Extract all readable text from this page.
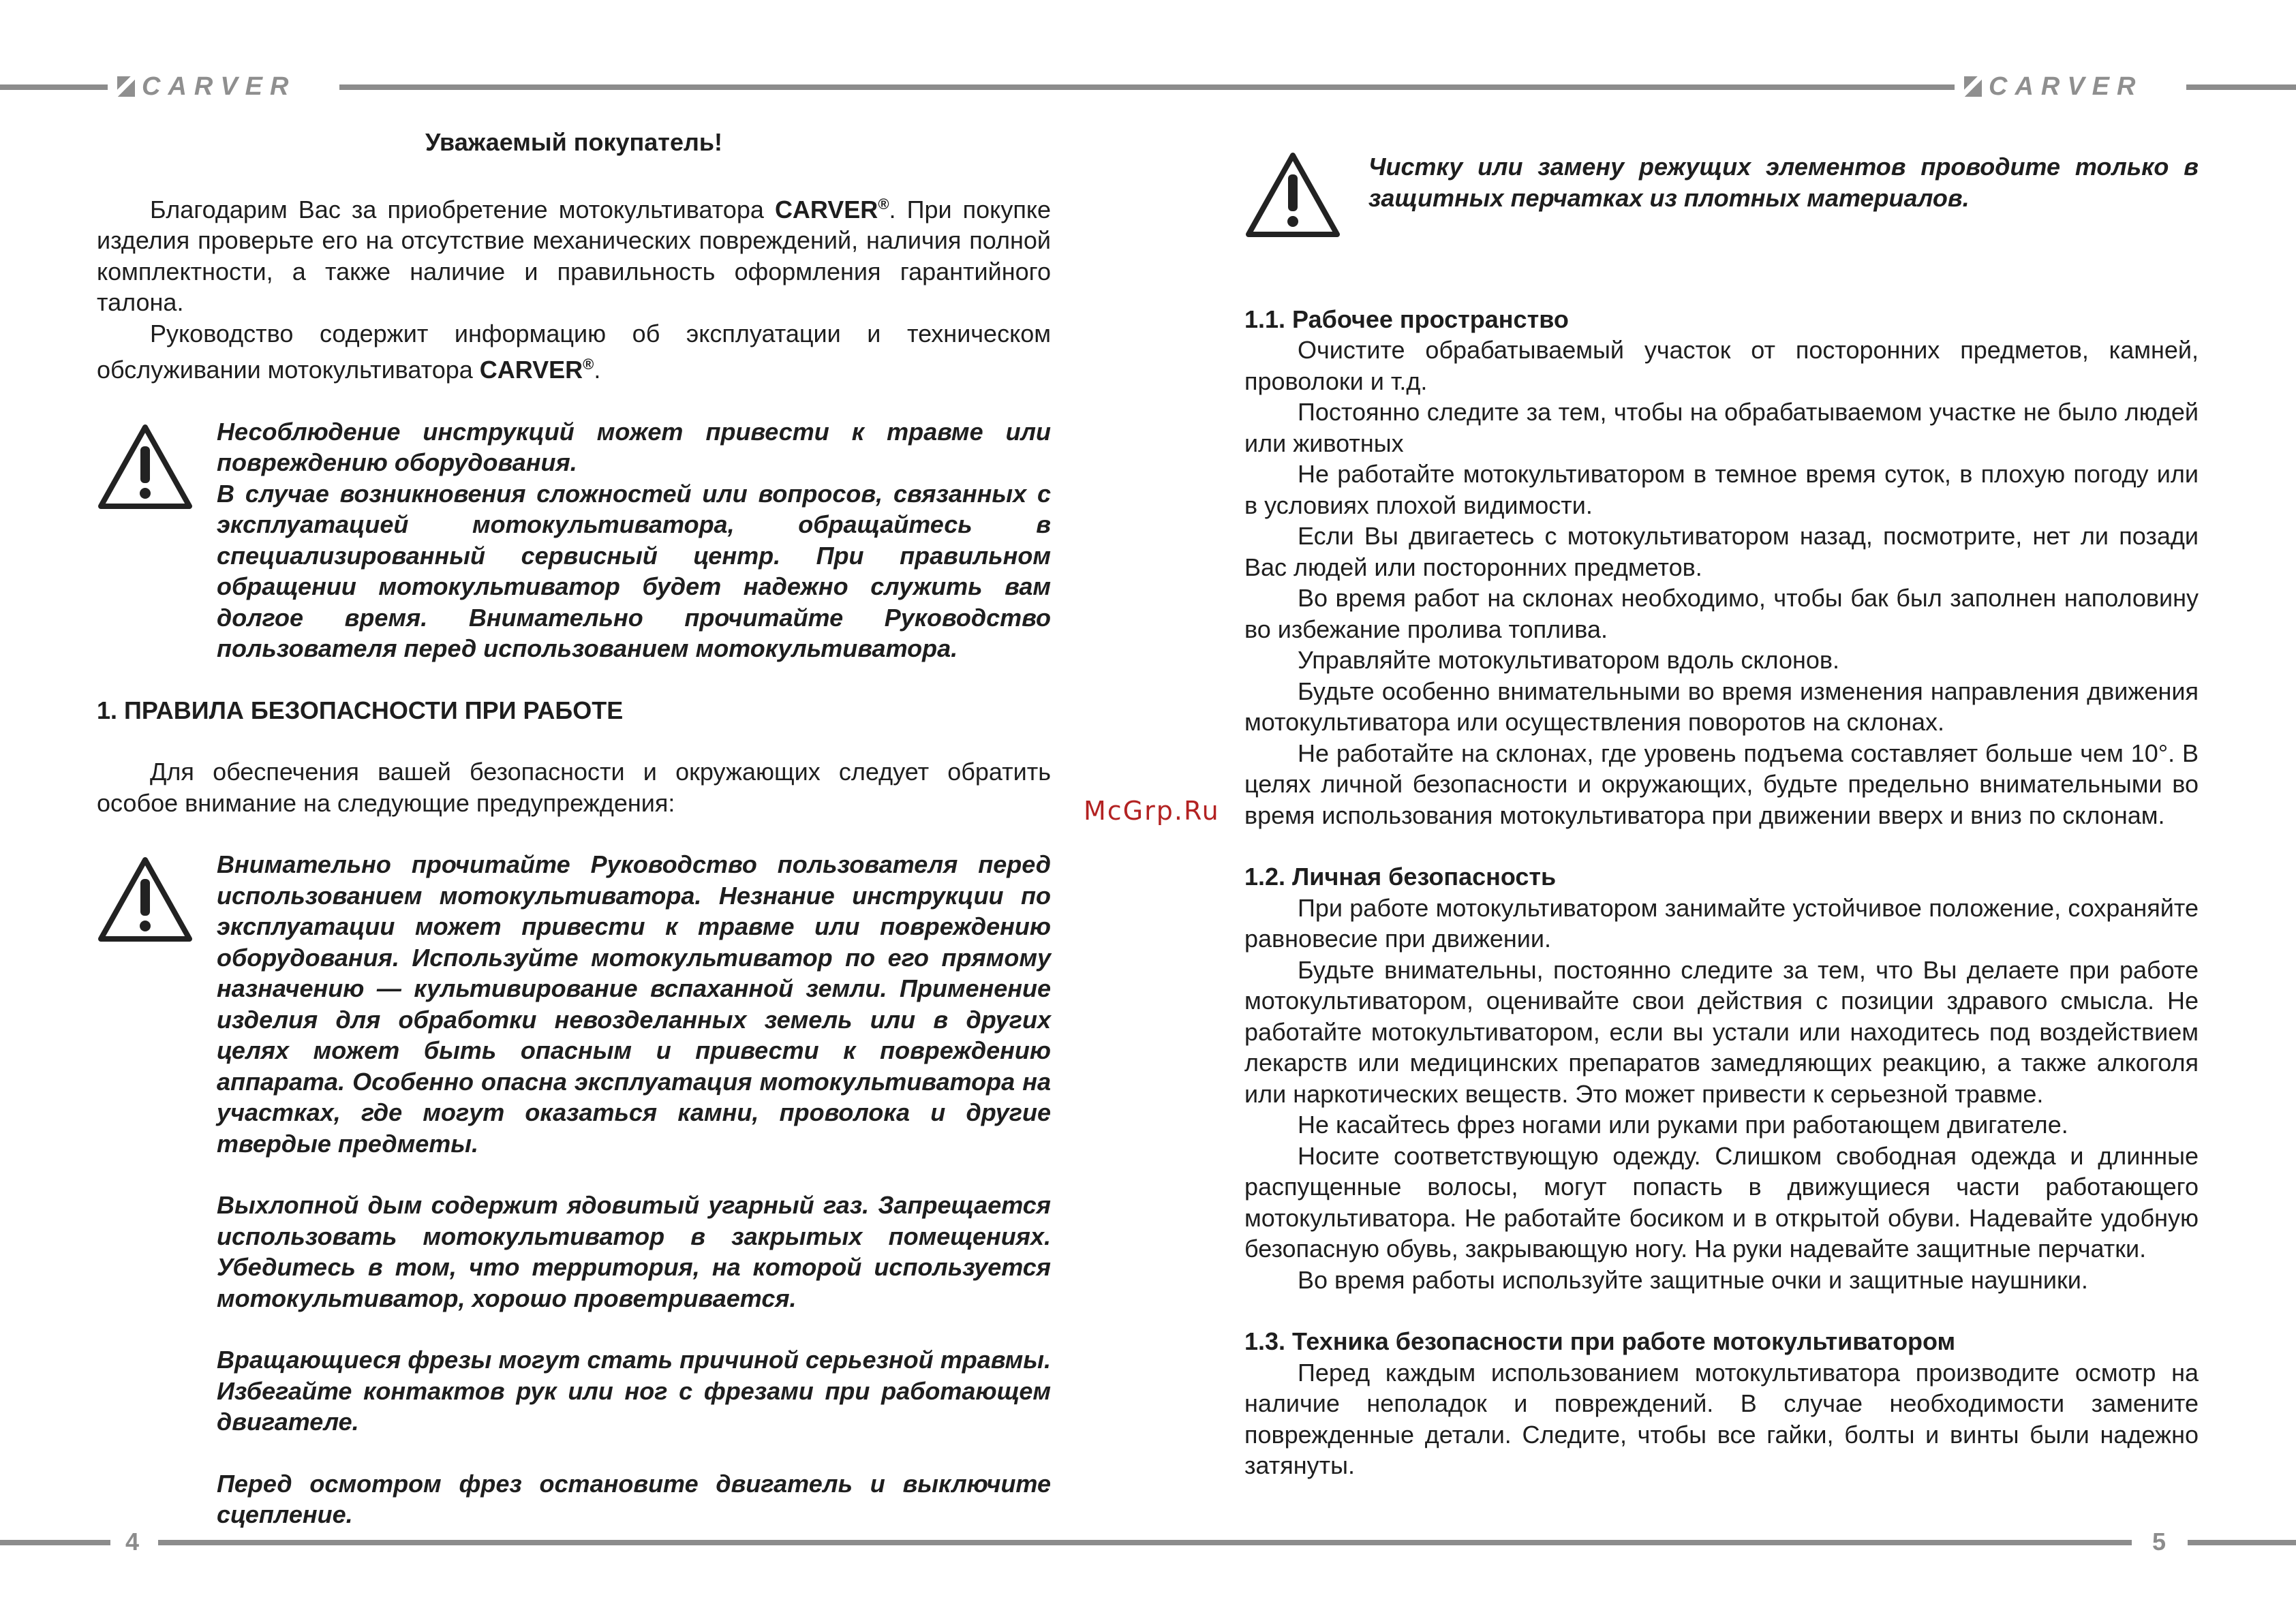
CARVER	CARVER
4	5
McGrp.Ru

Уважаемый покупатель!

Благодарим Вас за приобретение мотокультиватора CARVER®. При покупке изделия проверьте его на отсутствие механических повреждений, наличия полной комплектности, а также наличие и правильность оформления гарантийного талона.

Руководство содержит информацию об эксплуатации и техническом обслуживании мотокультиватора CARVER®.

Несоблюдение инструкций может привести к травме или повреждению оборудования.

В случае возникновения сложностей или вопросов, связанных с эксплуатацией мотокультиватора, обращайтесь в специализированный сервисный центр. При правильном обращении мотокультиватор будет надежно служить вам долгое время. Внимательно прочитайте Руководство пользователя перед использованием мотокультиватора.

1. ПРАВИЛА БЕЗОПАСНОСТИ ПРИ РАБОТЕ

Для обеспечения вашей безопасности и окружающих следует обратить особое внимание на следующие предупреждения:

Внимательно прочитайте Руководство пользователя перед использованием мотокультиватора. Незнание инструкции по эксплуатации может привести к травме или повреждению оборудования. Используйте мотокультиватор по его прямому назначению — культивирование вспаханной земли. Применение изделия для обработки невозделанных земель или в других целях может быть опасным и привести к повреждению аппарата. Особенно опасна эксплуатация мотокультиватора на участках, где могут оказаться камни, проволока и другие твердые предметы.

Выхлопной дым содержит ядовитый угарный газ. Запрещается использовать мотокультиватор в закрытых помещениях. Убедитесь в том, что территория, на которой используется мотокультиватор, хорошо проветривается.

Вращающиеся фрезы могут стать причиной серьезной травмы. Избегайте контактов рук или ног с фрезами при работающем двигателе.

Перед осмотром фрез остановите двигатель и выключите сцепление.

Чистку или замену режущих элементов проводите только в защитных перчатках из плотных материалов.

1.1. Рабочее пространство

Очистите обрабатываемый участок от посторонних предметов, камней, проволоки и т.д.

Постоянно следите за тем, чтобы на обрабатываемом участке не было людей или животных

Не работайте мотокультиватором в темное время суток, в плохую погоду или в условиях плохой видимости.

Если Вы двигаетесь с мотокультиватором назад, посмотрите, нет ли позади Вас людей или посторонних предметов.

Во время работ на склонах необходимо, чтобы бак был заполнен наполовину во избежание пролива топлива.

Управляйте мотокультиватором вдоль склонов.

Будьте особенно внимательными во время изменения направления движения мотокультиватора или осуществления поворотов на склонах.

Не работайте на склонах, где уровень подъема составляет больше чем 10°. В целях личной безопасности и окружающих, будьте предельно внимательными во время использования мотокультиватора при движении вверх и вниз по склонам.

1.2. Личная безопасность

При работе мотокультиватором занимайте устойчивое положение, сохраняйте равновесие при движении.

Будьте внимательны, постоянно следите за тем, что Вы делаете при работе мотокультиватором, оценивайте свои действия с позиции здравого смысла. Не работайте мотокультиватором, если вы устали или находитесь под воздействием лекарств или медицинских препаратов замедляющих реакцию, а также алкоголя или наркотических веществ. Это может привести к серьезной травме.

Не касайтесь фрез ногами или руками при работающем двигателе.

Носите соответствующую одежду. Слишком свободная одежда и длинные распущенные волосы, могут попасть в движущиеся части работающего мотокультиватора. Не работайте босиком и в открытой обуви. Надевайте удобную безопасную обувь, закрывающую ногу. На руки надевайте защитные перчатки.

Во время работы используйте защитные очки и защитные наушники.

1.3. Техника безопасности при работе мотокультиватором

Перед каждым использованием мотокультиватора производите осмотр на наличие неполадок и повреждений. В случае необходимости замените поврежденные детали. Следите, чтобы все гайки, болты и винты были надежно затянуты.
